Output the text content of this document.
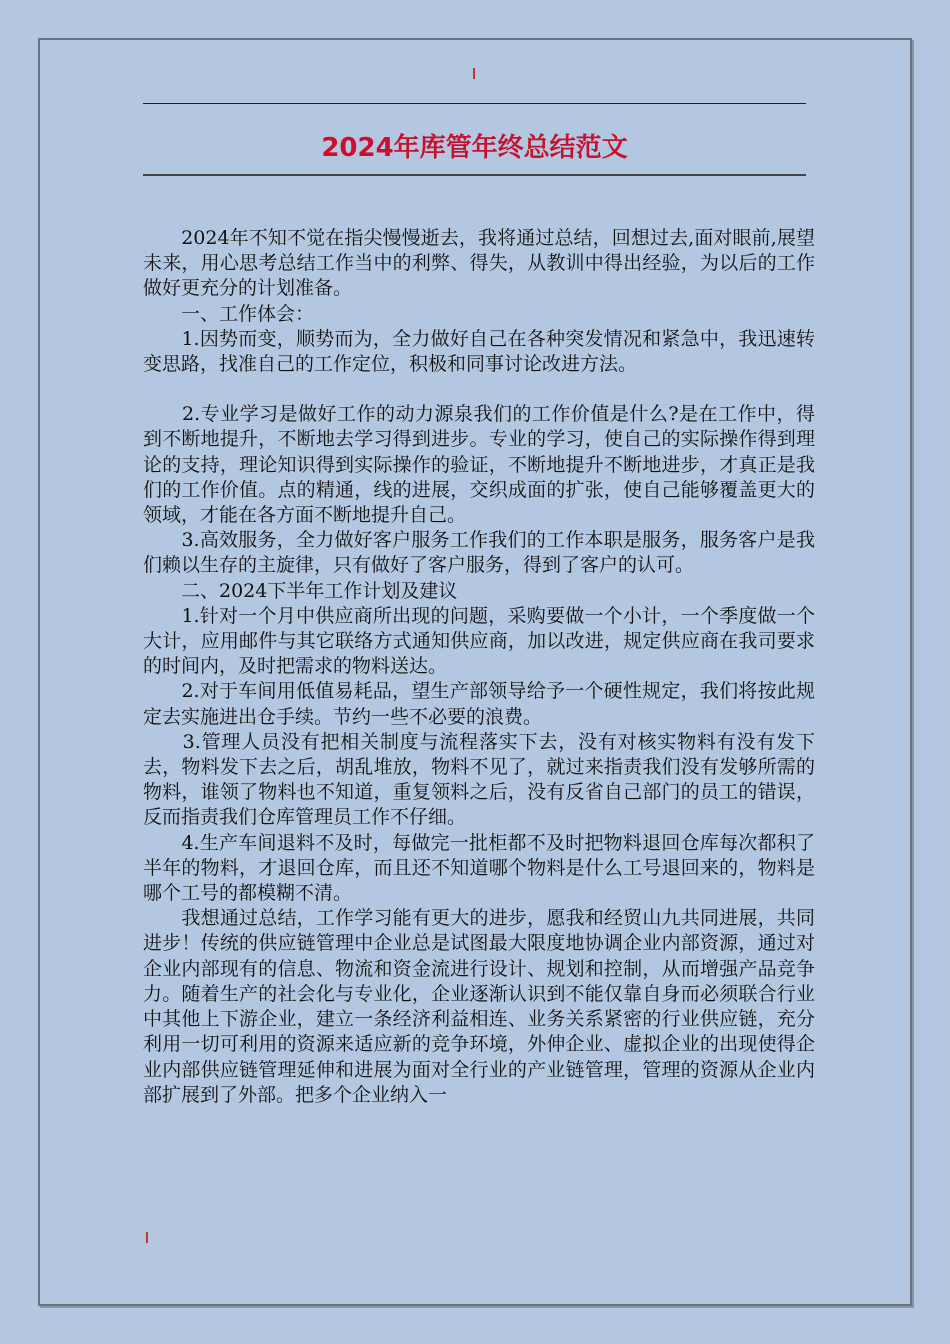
2024年库管年终总结范文

　　2024年不知不觉在指尖慢慢逝去，我将通过总结，回想过去,面对眼前,展望未来，用心思考总结工作当中的利弊、得失，从教训中得出经验，为以后的工作做好更充分的计划准备。

　　一、工作体会：

　　1.因势而变，顺势而为，全力做好自己在各种突发情况和紧急中，我迅速转变思路，找准自己的工作定位，积极和同事讨论改进方法。

　　2.专业学习是做好工作的动力源泉我们的工作价值是什么?是在工作中，得到不断地提升，不断地去学习得到进步。专业的学习，使自己的实际操作得到理论的支持，理论知识得到实际操作的验证，不断地提升不断地进步，才真正是我们的工作价值。点的精通，线的进展，交织成面的扩张，使自己能够覆盖更大的领域，才能在各方面不断地提升自己。

　　3.高效服务，全力做好客户服务工作我们的工作本职是服务，服务客户是我们赖以生存的主旋律，只有做好了客户服务，得到了客户的认可。

　　二、2024下半年工作计划及建议

　　1.针对一个月中供应商所出现的问题，采购要做一个小计，一个季度做一个大计，应用邮件与其它联络方式通知供应商，加以改进，规定供应商在我司要求的时间内，及时把需求的物料送达。

　　2.对于车间用低值易耗品，望生产部领导给予一个硬性规定，我们将按此规定去实施进出仓手续。节约一些不必要的浪费。

　　3.管理人员没有把相关制度与流程落实下去，没有对核实物料有没有发下去，物料发下去之后，胡乱堆放，物料不见了，就过来指责我们没有发够所需的物料，谁领了物料也不知道，重复领料之后，没有反省自己部门的员工的错误，反而指责我们仓库管理员工作不仔细。

　　4.生产车间退料不及时，每做完一批柜都不及时把物料退回仓库每次都积了半年的物料，才退回仓库，而且还不知道哪个物料是什么工号退回来的，物料是哪个工号的都模糊不清。

　　我想通过总结，工作学习能有更大的进步，愿我和经贸山九共同进展，共同进步！传统的供应链管理中企业总是试图最大限度地协调企业内部资源，通过对企业内部现有的信息、物流和资金流进行设计、规划和控制，从而增强产品竞争力。随着生产的社会化与专业化，企业逐渐认识到不能仅靠自身而必须联合行业中其他上下游企业，建立一条经济利益相连、业务关系紧密的行业供应链，充分利用一切可利用的资源来适应新的竞争环境，外伸企业、虚拟企业的出现使得企业内部供应链管理延伸和进展为面对全行业的产业链管理，管理的资源从企业内部扩展到了外部。把多个企业纳入一
